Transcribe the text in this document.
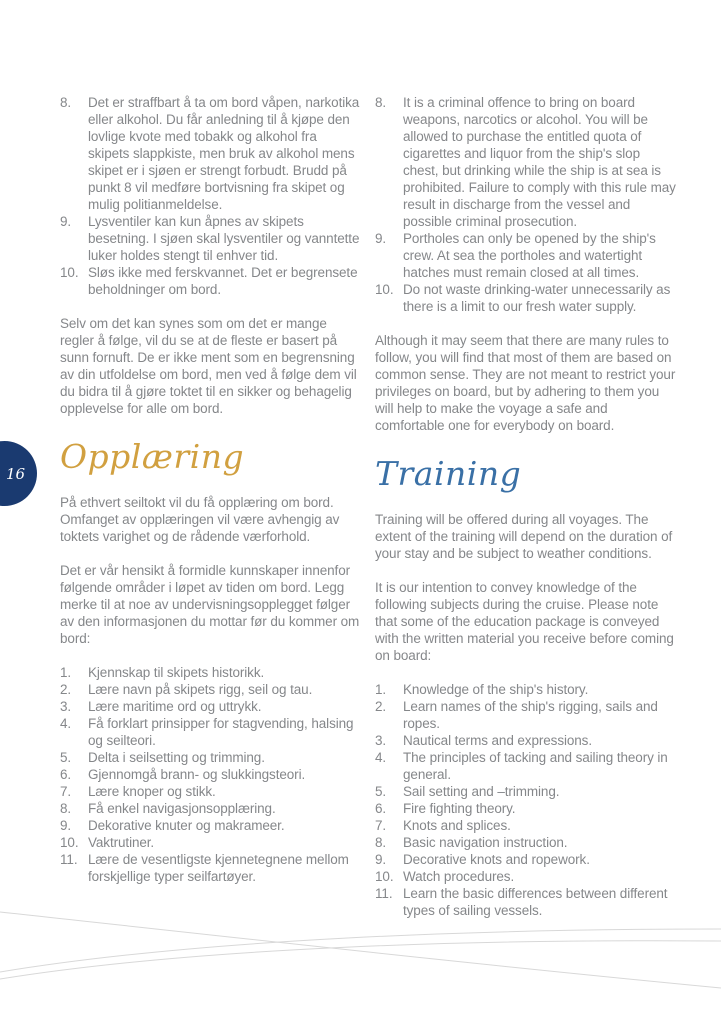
16
8.	Det er straffbart å ta om bord våpen, narkotika eller alkohol. Du får anledning til å kjøpe den lovlige kvote med tobakk og alkohol fra skipets slappkiste, men bruk av alkohol mens skipet er i sjøen er strengt forbudt. Brudd på punkt 8 vil medføre bortvisning fra skipet og mulig politianmeldelse.
9.	Lysventiler kan kun åpnes av skipets besetning. I sjøen skal lysventiler og vanntette luker holdes stengt til enhver tid.
10. Sløs ikke med ferskvannet. Det er begrensete beholdninger om bord.

Selv om det kan synes som om det er mange regler å følge, vil du se at de fleste er basert på sunn fornuft. De er ikke ment som en begrensning av din utfoldelse om bord, men ved å følge dem vil du bidra til å gjøre toktet til en sikker og behagelig opplevelse for alle om bord.

Opplæring

På ethvert seiltokt vil du få opplæring om bord. Omfanget av opplæringen vil være avhengig av toktets varighet og de rådende værforhold.

Det er vår hensikt å formidle kunnskaper innenfor følgende områder i løpet av tiden om bord. Legg merke til at noe av undervisningsopplegget følger av den informasjonen du mottar før du kommer om bord:

1.	Kjennskap til skipets historikk.
2.	Lære navn på skipets rigg, seil og tau.
3.	Lære maritime ord og uttrykk.
4.	Få forklart prinsipper for stagvending, halsing og seilteori.
5.	Delta i seilsetting og trimming.
6.	Gjennomgå brann- og slukkingsteori.
7.	Lære knoper og stikk.
8.	Få enkel navigasjonsopplæring.
9.	Dekorative knuter og makrameer.
10. Vaktrutiner.
11. Lære de vesentligste kjennetegnene mellom forskjellige typer seilfartøyer.
8.	It is a criminal offence to bring on board weapons, narcotics or alcohol. You will be allowed to purchase the entitled quota of cigarettes and liquor from the ship's slop chest, but drinking while the ship is at sea is prohibited. Failure to comply with this rule may result in discharge from the vessel and possible criminal prosecution.
9.	Portholes can only be opened by the ship's crew. At sea the portholes and watertight hatches must remain closed at all times.
10. Do not waste drinking-water unnecessarily as there is a limit to our fresh water supply.

Although it may seem that there are many rules to follow, you will find that most of them are based on common sense. They are not meant to restrict your privileges on board, but by adhering to them you will help to make the voyage a safe and comfortable one for everybody on board.

Training

Training will be offered during all voyages. The extent of the training will depend on the duration of your stay and be subject to weather conditions.

It is our intention to convey knowledge of the following subjects during the cruise. Please note that some of the education package is conveyed with the written material you receive before coming on board:

1.	Knowledge of the ship's history.
2.	Learn names of the ship's rigging, sails and ropes.
3.	Nautical terms and expressions.
4.	The principles of tacking and sailing theory in general.
5.	Sail setting and –trimming.
6.	Fire fighting theory.
7.	Knots and splices.
8.	Basic navigation instruction.
9.	Decorative knots and ropework.
10. Watch procedures.
11. Learn the basic differences between different types of sailing vessels.
